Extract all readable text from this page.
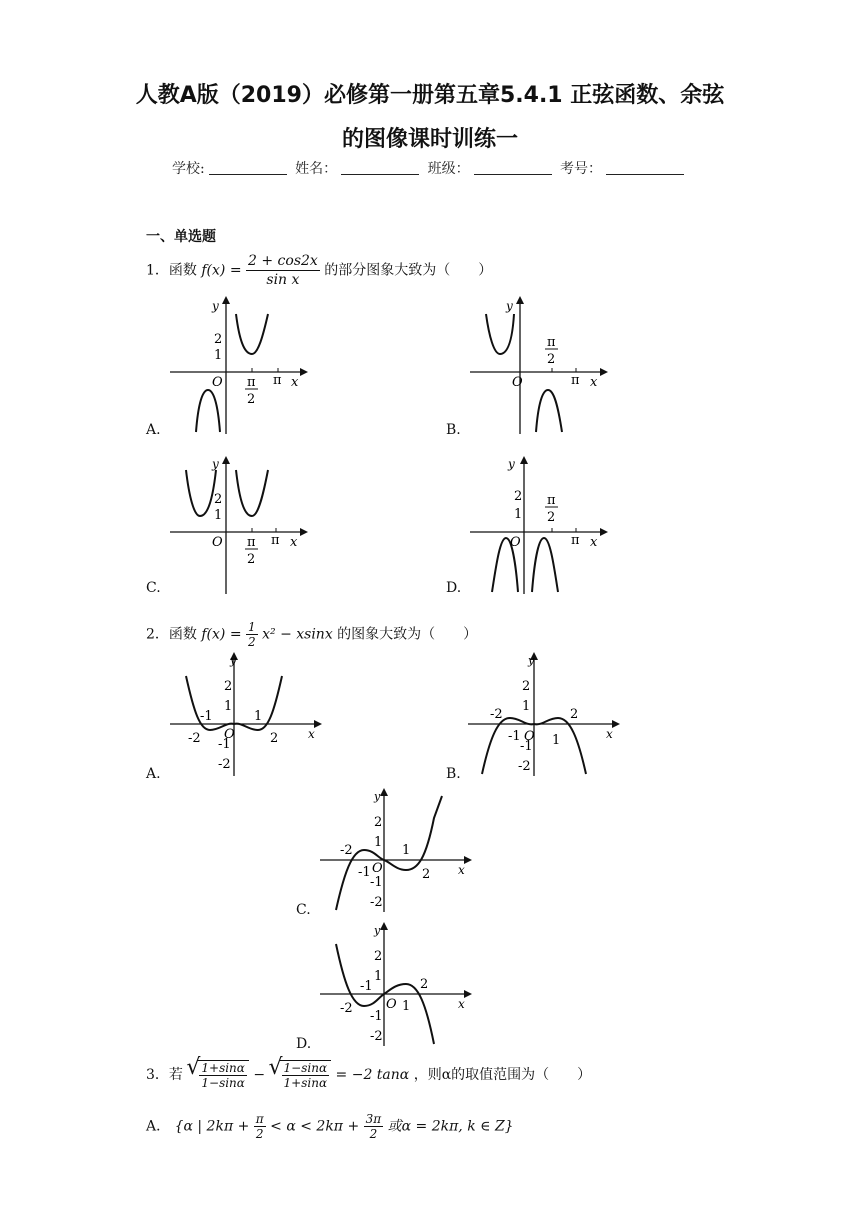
人教A版（2019）必修第一册第五章5.4.1 正弦函数、余弦
的图像课时训练一
学校:	姓名：	班级：	考号：
一、单选题
1．函数 $f(x) = \frac{2 + \cos 2x}{\text{sin x}}$ 的部分图象大致为（　　）
y
2
1
O π
2
π x
A.
y
π
2
O	π x
B.
y
2
1
O π
2
π x
C.
y
2
1
π
2
O	π x
D.
2．函数 $f(x) = \frac{1}{2} x^2 - xsinx$ 的图象大致为（　　）
y
2
1
-1	1
-2 O	2
-1
-2
x
A.
y
2
1
-2	2
-1 O 1
-1
-2
x
B.
y
2
1
-2	1
O
-1	2
-1
-2
x
C.
y
2
1
-1	2
-2	O 1
-1
-2
x
D.
3．若 √ $\frac{1+\sin\alpha}{1-\sin\alpha}$ − √ $\frac{1-\sin\alpha}{1+\sin\alpha} = -2$ tanα ，则α的取值范围为（　　）
A． {α | $2k\pi + \frac{\pi}{2} < \alpha < 2k\pi + \frac{3\pi}{2}$ 或α = 2kπ, k ∈ Z}
